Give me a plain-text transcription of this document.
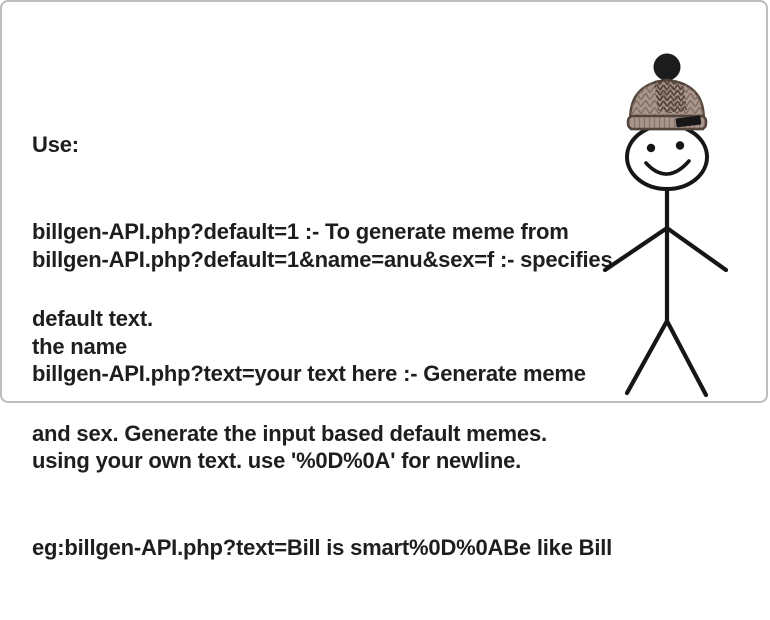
Use:

billgen-API.php?default=1 :- To generate meme from

default text.

billgen-API.php?default=1&name=anu&sex=f :- specifies

the name

and sex. Generate the input based default memes.

billgen-API.php?text=your text here :- Generate meme

using your own text. use '%0D%0A' for newline.

eg:billgen-API.php?text=Bill is smart%0D%0ABe like Bill
